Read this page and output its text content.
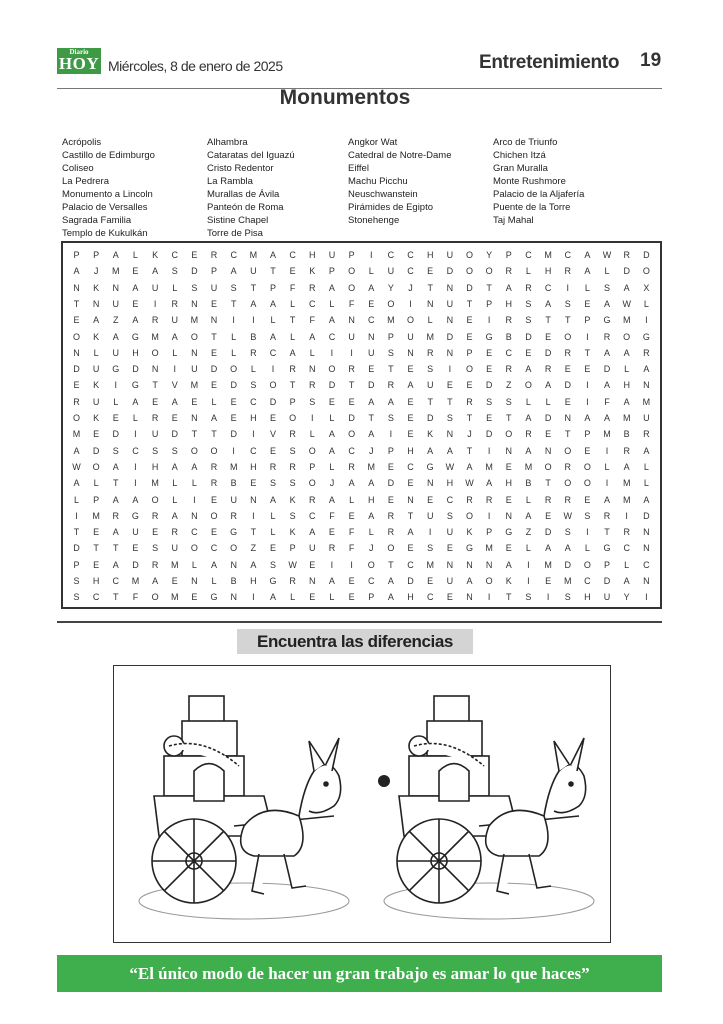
Diario
HOY Miércoles, 8 de enero de 2025	Entretenimiento 19
Monumentos
Acrópolis
Castillo de Edimburgo
Coliseo
La Pedrera
Monumento a Lincoln
Palacio de Versalles
Sagrada Familia
Templo de Kukulkán
Alhambra
Cataratas del Iguazú
Cristo Redentor
La Rambla
Murallas de Ávila
Panteón de Roma
Sistine Chapel
Torre de Pisa
Angkor Wat
Catedral de Notre-Dame
Eiffel
Machu Picchu
Neuschwanstein
Pirámides de Egipto
Stonehenge
Arco de Triunfo
Chichen Itzá
Gran Muralla
Monte Rushmore
Palacio de la Aljafería
Puente de la Torre
Taj Mahal
P	P	A	L	K	C	E	R	C	M	A	C	H	U	P	I	C	C	H	U	O	Y	P	C	M	C	A	W	R	D
A	J	M	E	A	S	D	P	A	U	T	E	K	P	O	L	U	C	E	D	O	O	R	L	H	R	A	L	D	O
N	K	N	A	U	L	S	U	S	T	P	F	R	A	O	A	Y	J	T	N	D	T	A	R	C	I	L	S	A	X
T	N	U	E	I	R	N	E	T	A	A	L	C	L	F	E	O	I	N	U	T	P	H	S	A	S	E	A	W	L
E	A	Z	A	R	U	M	N	I	I	L	T	F	A	N	C	M	O	L	N	E	I	R	S	T	T	P	G	M	I
O	K	A	G	M	A	O	T	L	B	A	L	A	C	U	N	P	U	M	D	E	G	B	D	E	O	I	R	O	G
N	L	U	H	O	L	N	E	L	R	C	A	L	I	I	U	S	N	R	N	P	E	C	E	D	R	T	A	A	R
D	U	G	D	N	I	U	D	O	L	I	R	N	O	R	E	T	E	S	I	O	E	R	A	R	E	E	D	L	A
E	K	I	G	T	V	M	E	D	S	O	T	R	D	T	D	R	A	U	E	E	D	Z	O	A	D	I	A	H	N
R	U	L	A	E	A	E	L	E	C	D	P	S	E	E	A	A	E	T	T	R	S	S	L	L	E	I	F	A	M
O	K	E	L	R	E	N	A	E	H	E	O	I	L	D	T	S	E	D	S	T	E	T	A	D	N	A	A	M	U
M	E	D	I	U	D	T	T	D	I	V	R	L	A	O	A	I	E	K	N	J	D	O	R	E	T	P	M	B	R
A	D	S	C	S	S	O	O	I	C	E	S	O	A	C	J	P	H	A	A	T	I	N	A	N	O	E	I	R	A
W	O	A	I	H	A	A	R	M	H	R	R	P	L	R	M	E	C	G	W	A	M	E	M	O	R	O	L	A	L
A	L	T	I	M	L	L	R	B	E	S	S	O	J	A	A	D	E	N	H	W	A	H	B	T	O	O	I	M	L
L	P	A	A	O	L	I	E	U	N	A	K	R	A	L	H	E	N	E	C	R	R	E	L	R	R	E	A	M	A
I	M	R	G	R	A	N	O	R	I	L	S	C	F	E	A	R	T	U	S	O	I	N	A	E	W	S	R	I	D
T	E	A	U	E	R	C	E	G	T	L	K	A	E	F	L	R	A	I	U	K	P	G	Z	D	S	I	T	R	N
D	T	T	E	S	U	O	C	O	Z	E	P	U	R	F	J	O	E	S	E	G	M	E	L	A	A	L	G	C	N
P	E	A	D	R	M	L	A	N	A	S	W	E	I	I	O	T	C	M	N	N	N	A	I	M	D	O	P	L	C
S	H	C	M	A	E	N	L	B	H	G	R	N	A	E	C	A	D	E	U	A	O	K	I	E	M	C	D	A	N
S	C	T	F	O	M	E	G	N	I	A	L	E	L	E	P	A	H	C	E	N	I	T	S	I	S	H	U	Y	I
Encuentra las diferencias
“El único modo de hacer un gran trabajo es amar lo que haces”
